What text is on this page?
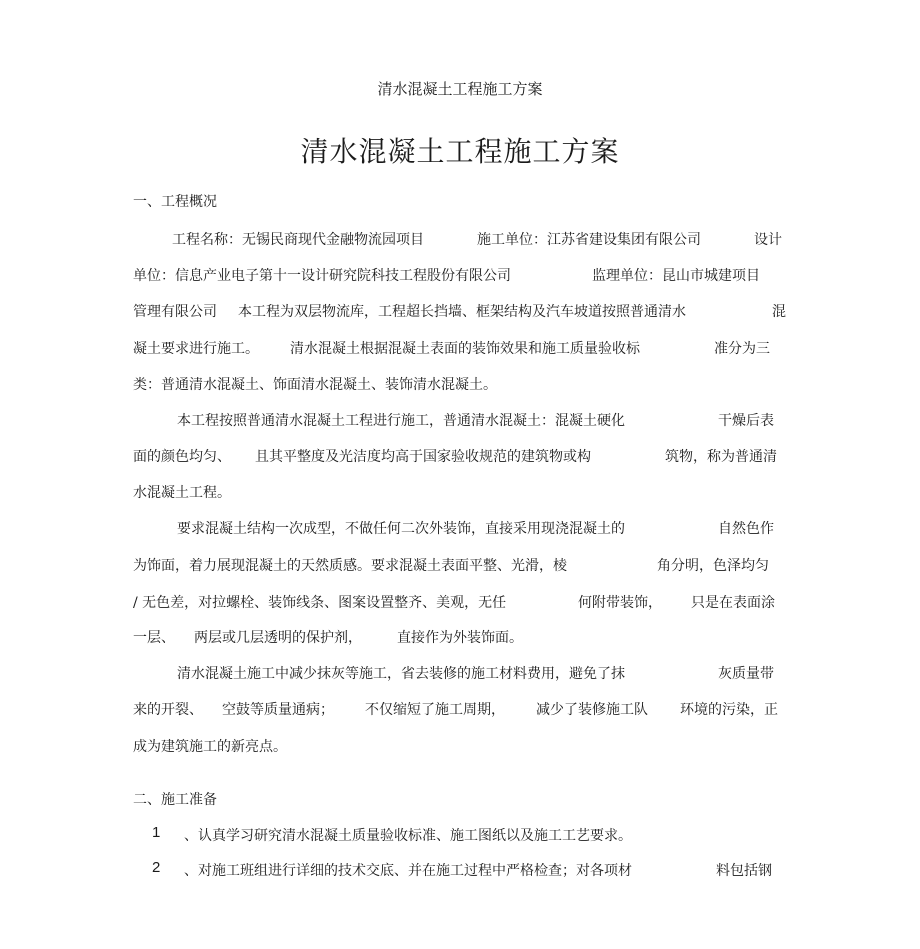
清水混凝土工程施工方案
清水混凝土工程施工方案
一、工程概况
工程名称：无锡民商现代金融物流园项目	施工单位：江苏省建设集团有限公司	设计
单位：信息产业电子第十一设计研究院科技工程股份有限公司	监理单位：昆山市城建项目
管理有限公司 本工程为双层物流库，工程超长挡墙、框架结构及汽车坡道按照普通清水	混
凝土要求进行施工。 清水混凝土根据混凝土表面的装饰效果和施工质量验收标	准分为三
类：普通清水混凝土、饰面清水混凝土、装饰清水混凝土。
本工程按照普通清水混凝土工程进行施工，普通清水混凝土：混凝土硬化	干燥后表
面的颜色均匀、 且其平整度及光洁度均高于国家验收规范的建筑物或构	筑物，称为普通清
水混凝土工程。
要求混凝土结构一次成型，不做任何二次外装饰，直接采用现浇混凝土的	自然色作
为饰面，着力展现混凝土的天然质感。要求混凝土表面平整、光滑，棱	角分明，色泽均匀
/ 无色差，对拉螺栓、装饰线条、图案设置整齐、美观，无任	何附带装饰， 只是在表面涂
一层、 两层或几层透明的保护剂，	直接作为外装饰面。
清水混凝土施工中减少抹灰等施工，省去装修的施工材料费用，避免了抹	灰质量带
来的开裂、 空鼓等质量通病； 不仅缩短了施工周期， 减少了装修施工队 环境的污染，正
成为建筑施工的新亮点。
二、施工准备
1 、认真学习研究清水混凝土质量验收标准、施工图纸以及施工工艺要求。
2 、对施工班组进行详细的技术交底、并在施工过程中严格检查；对各项材	料包括钢
